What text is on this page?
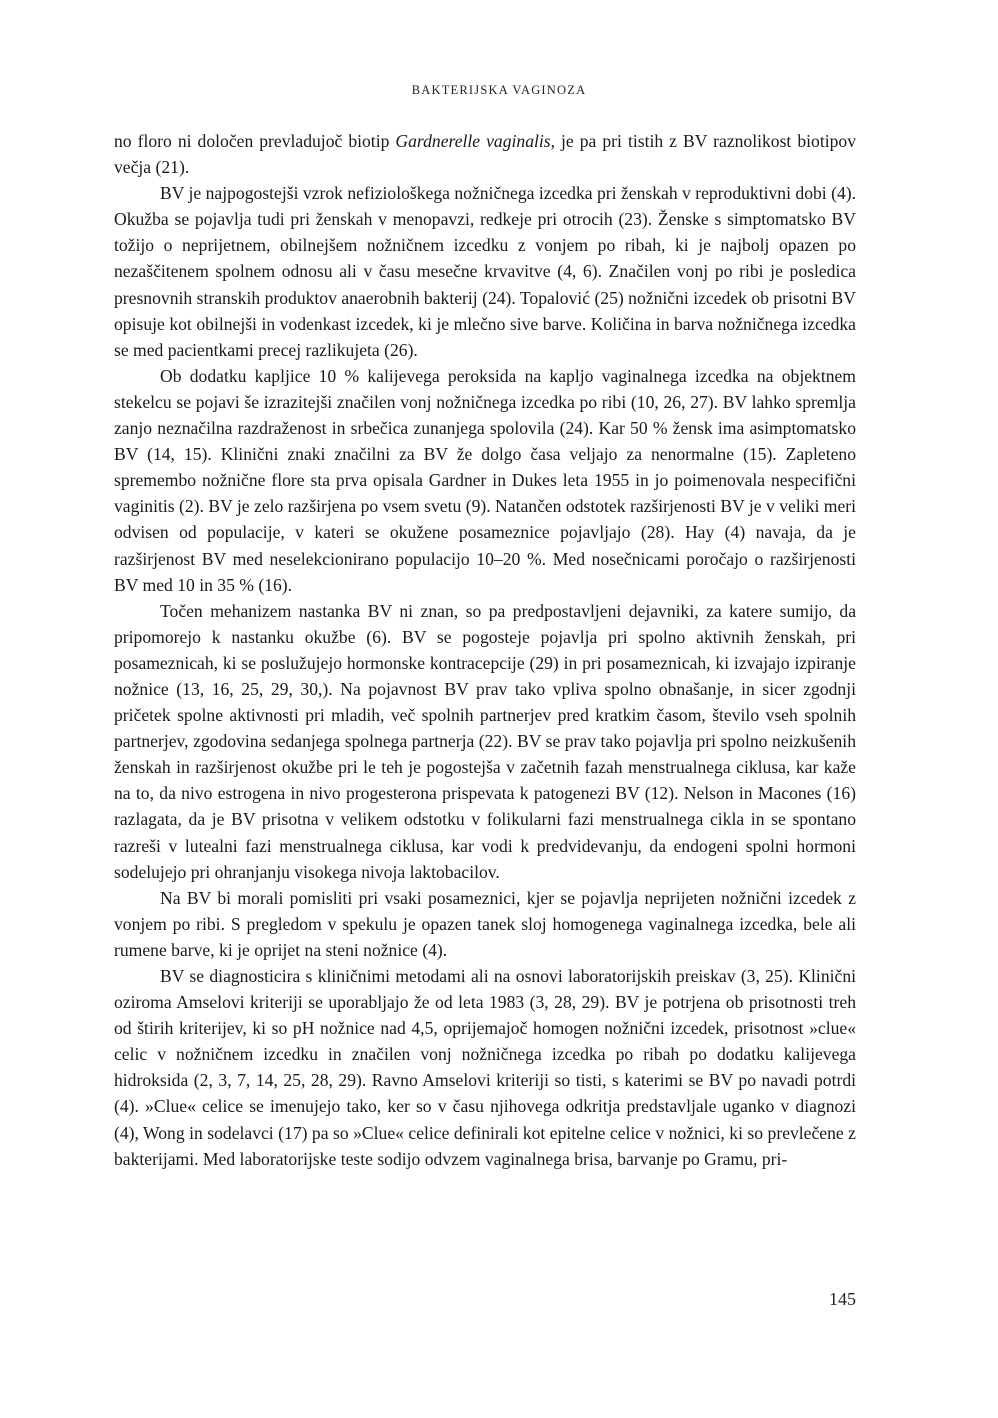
BAKTERIJSKA VAGINOZA

no floro ni določen prevladujoč biotip Gardnerelle vaginalis, je pa pri tistih z BV raznolikost biotipov večja (21).

BV je najpogostejši vzrok nefiziološkega nožničnega izcedka pri ženskah v reproduktivni dobi (4). Okužba se pojavlja tudi pri ženskah v menopavzi, redkeje pri otrocih (23). Ženske s simptomatsko BV tožijo o neprijetnem, obilnejšem nožničnem izcedku z vonjem po ribah, ki je najbolj opazen po nezaščitenem spolnem odnosu ali v času mesečne krvavitve (4, 6). Značilen vonj po ribi je posledica presnovnih stranskih produktov anaerobnih bakterij (24). Topalović (25) nožnični izcedek ob prisotni BV opisuje kot obilnejši in vodenkast izcedek, ki je mlečno sive barve. Količina in barva nožničnega izcedka se med pacientkami precej razlikujeta (26).

Ob dodatku kapljice 10 % kalijevega peroksida na kapljo vaginalnega izcedka na objektnem stekelcu se pojavi še izrazitejši značilen vonj nožničnega izcedka po ribi (10, 26, 27). BV lahko spremlja zanjo neznačilna razdraženost in srbečica zunanjega spolovila (24). Kar 50 % žensk ima asimptomatsko BV (14, 15). Klinični znaki značilni za BV že dolgo časa veljajo za nenormalne (15). Zapleteno spremembo nožnične flore sta prva opisala Gardner in Dukes leta 1955 in jo poimenovala nespecifični vaginitis (2). BV je zelo razširjena po vsem svetu (9). Natančen odstotek razširjenosti BV je v veliki meri odvisen od populacije, v kateri se okužene posameznice pojavljajo (28). Hay (4) navaja, da je razširjenost BV med neselekcionirano populacijo 10–20 %. Med nosečnicami poročajo o razširjenosti BV med 10 in 35 % (16).

Točen mehanizem nastanka BV ni znan, so pa predpostavljeni dejavniki, za katere sumijo, da pripomorejo k nastanku okužbe (6). BV se pogosteje pojavlja pri spolno aktivnih ženskah, pri posameznicah, ki se poslužujejo hormonske kontracepcije (29) in pri posameznicah, ki izvajajo izpiranje nožnice (13, 16, 25, 29, 30,). Na pojavnost BV prav tako vpliva spolno obnašanje, in sicer zgodnji pričetek spolne aktivnosti pri mladih, več spolnih partnerjev pred kratkim časom, število vseh spolnih partnerjev, zgodovina sedanjega spolnega partnerja (22). BV se prav tako pojavlja pri spolno neizkušenih ženskah in razširjenost okužbe pri le teh je pogostejša v začetnih fazah menstrualnega ciklusa, kar kaže na to, da nivo estrogena in nivo progesterona prispevata k patogenezi BV (12). Nelson in Macones (16) razlagata, da je BV prisotna v velikem odstotku v folikularni fazi menstrualnega cikla in se spontano razreši v lutealni fazi menstrualnega ciklusa, kar vodi k predvidevanju, da endogeni spolni hormoni sodelujejo pri ohranjanju visokega nivoja laktobacilov.

Na BV bi morali pomisliti pri vsaki posameznici, kjer se pojavlja neprijeten nožnični izcedek z vonjem po ribi. S pregledom v spekulu je opazen tanek sloj homogenega vaginalnega izcedka, bele ali rumene barve, ki je oprijet na steni nožnice (4).

BV se diagnosticira s kliničnimi metodami ali na osnovi laboratorijskih preiskav (3, 25). Klinični oziroma Amselovi kriteriji se uporabljajo že od leta 1983 (3, 28, 29). BV je potrjena ob prisotnosti treh od štirih kriterijev, ki so pH nožnice nad 4,5, oprijemajoč homogen nožnični izcedek, prisotnost »clue« celic v nožničnem izcedku in značilen vonj nožničnega izcedka po ribah po dodatku kalijevega hidroksida (2, 3, 7, 14, 25, 28, 29). Ravno Amselovi kriteriji so tisti, s katerimi se BV po navadi potrdi (4). »Clue« celice se imenujejo tako, ker so v času njihovega odkritja predstavljale uganko v diagnozi (4), Wong in sodelavci (17) pa so »Clue« celice definirali kot epitelne celice v nožnici, ki so prevlečene z bakterijami. Med laboratorijske teste sodijo odvzem vaginalnega brisa, barvanje po Gramu, pri-

145
